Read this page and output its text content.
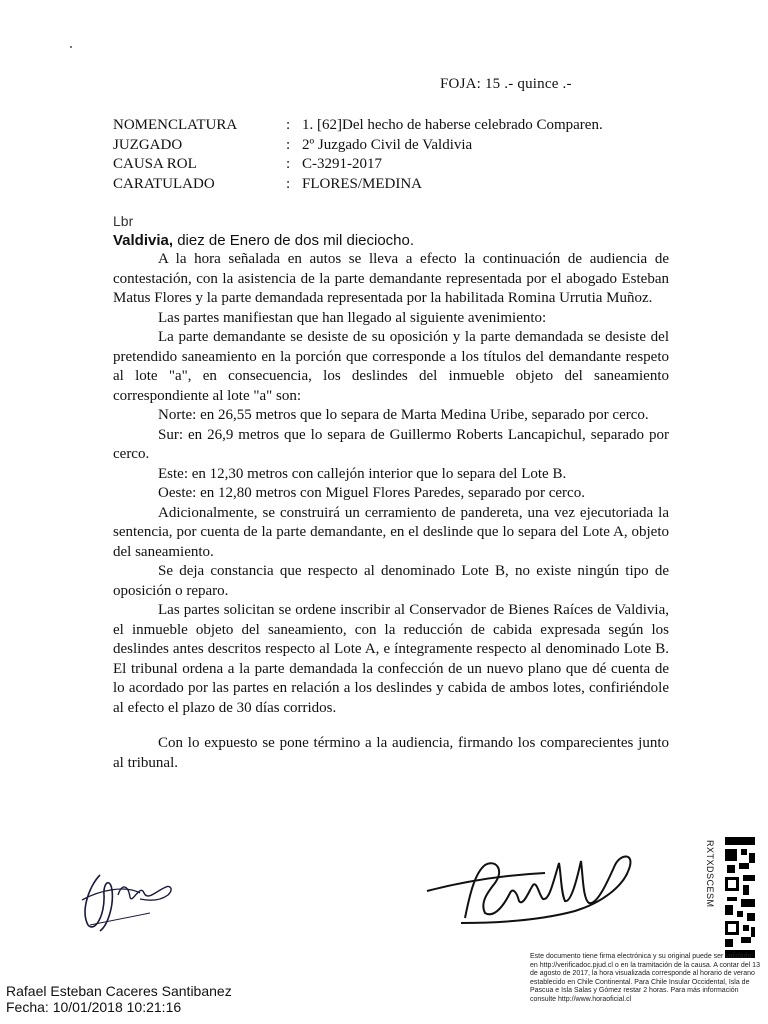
FOJA: 15 .- quince .-
NOMENCLATURA	: 1. [62]Del hecho de haberse celebrado Comparen.
JUZGADO	: 2º Juzgado Civil de Valdivia
CAUSA ROL	: C-3291-2017
CARATULADO	: FLORES/MEDINA
Lbr
Valdivia, diez de Enero de dos mil dieciocho.

A la hora señalada en autos se lleva a efecto la continuación de audiencia de contestación, con la asistencia de la parte demandante representada por el abogado Esteban Matus Flores y la parte demandada representada por la habilitada Romina Urrutia Muñoz.

Las partes manifiestan que han llegado al siguiente avenimiento:

La parte demandante se desiste de su oposición y la parte demandada se desiste del pretendido saneamiento en la porción que corresponde a los títulos del demandante respeto al lote "a", en consecuencia, los deslindes del inmueble objeto del saneamiento correspondiente al lote "a" son:

Norte: en 26,55 metros que lo separa de Marta Medina Uribe, separado por cerco.

Sur: en 26,9 metros que lo separa de Guillermo Roberts Lancapichul, separado por cerco.

Este: en 12,30 metros con callejón interior que lo separa del Lote B.

Oeste: en 12,80 metros con Miguel Flores Paredes, separado por cerco.

Adicionalmente, se construirá un cerramiento de pandereta, una vez ejecutoriada la sentencia, por cuenta de la parte demandante, en el deslinde que lo separa del Lote A, objeto del saneamiento.

Se deja constancia que respecto al denominado Lote B, no existe ningún tipo de oposición o reparo.

Las partes solicitan se ordene inscribir al Conservador de Bienes Raíces de Valdivia, el inmueble objeto del saneamiento, con la reducción de cabida expresada según los deslindes antes descritos respecto al Lote A, e íntegramente respecto al denominado Lote B. El tribunal ordena a la parte demandada la confección de un nuevo plano que dé cuenta de lo acordado por las partes en relación a los deslindes y cabida de ambos lotes, confiriéndole al efecto el plazo de 30 días corridos.

Con lo expuesto se pone término a la audiencia, firmando los comparecientes junto al tribunal.

RXTXDSCESM
Este documento tiene firma electrónica y su original puede ser validado en http://verificadoc.pjud.cl o en la tramitación de la causa. A contar del 13 de agosto de 2017, la hora visualizada corresponde al horario de verano establecido en Chile Continental. Para Chile Insular Occidental, Isla de Pascua e Isla Salas y Gómez restar 2 horas. Para más información consulte http://www.horaoficial.cl
Rafael Esteban Caceres Santibanez
Fecha: 10/01/2018 10:21:16
